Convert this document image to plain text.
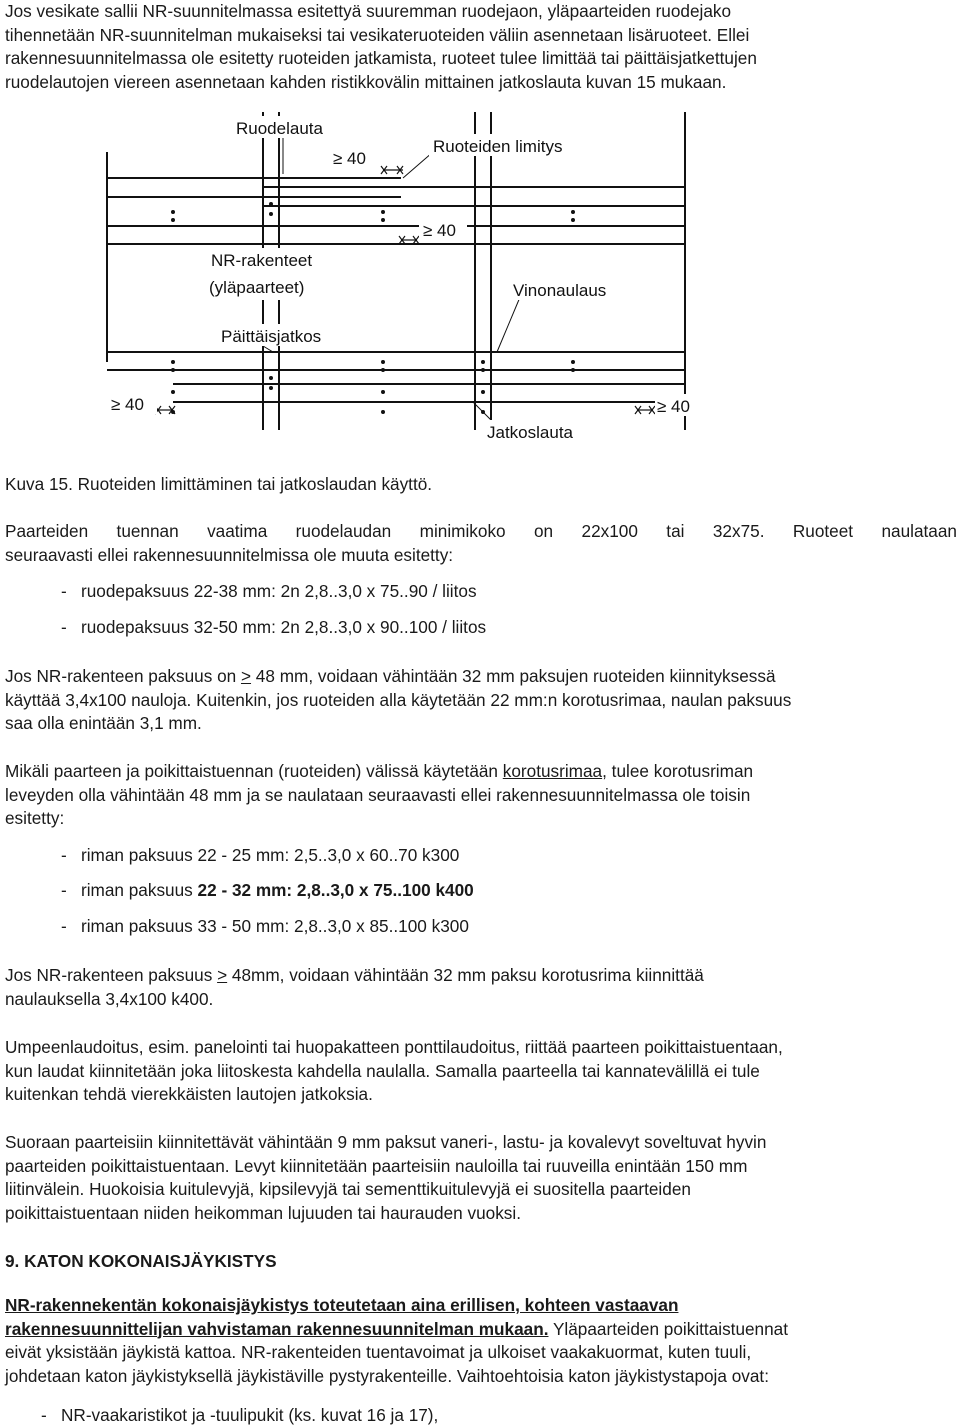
Jos vesikate sallii NR-suunnitelmassa esitettyä suuremman ruodejaon, yläpaarteiden ruodejako

tihennetään NR-suunnitelman mukaiseksi tai vesikateruoteiden väliin asennetaan lisäruoteet. Ellei

rakennesuunnitelmassa ole esitetty ruoteiden jatkamista, ruoteet tulee limittää tai päittäisjatkettujen

ruodelautojen viereen asennetaan kahden ristikkovälin mittainen jatkoslauta kuvan 15 mukaan.

Ruodelauta
≥ 40
Ruoteiden limitys
≥ 40
NR-rakenteet
(yläpaarteet)
Päittäisjatkos
Vinonaulaus
≥ 40	≥ 40
Jatkoslauta

Kuva 15. Ruoteiden limittäminen tai jatkoslaudan käyttö.

Paarteiden tuennan vaatima ruodelaudan minimikoko on 22x100 tai 32x75. Ruoteet naulataan

seuraavasti ellei rakennesuunnitelmissa ole muuta esitetty:

- ruodepaksuus 22-38 mm: 2n 2,8..3,0 x 75..90 / liitos
- ruodepaksuus 32-50 mm: 2n 2,8..3,0 x 90..100 / liitos

Jos NR-rakenteen paksuus on > 48 mm, voidaan vähintään 32 mm paksujen ruoteiden kiinnityksessä

käyttää 3,4x100 nauloja. Kuitenkin, jos ruoteiden alla käytetään 22 mm:n korotusrimaa, naulan paksuus

saa olla enintään 3,1 mm.

Mikäli paarteen ja poikittaistuennan (ruoteiden) välissä käytetään korotusrimaa, tulee korotusriman

leveyden olla vähintään 48 mm ja se naulataan seuraavasti ellei rakennesuunnitelmassa ole toisin

esitetty:

- riman paksuus 22 - 25 mm: 2,5..3,0 x 60..70 k300
- riman paksuus 22 - 32 mm: 2,8..3,0 x 75..100 k400
- riman paksuus 33 - 50 mm: 2,8..3,0 x 85..100 k300

Jos NR-rakenteen paksuus > 48mm, voidaan vähintään 32 mm paksu korotusrima kiinnittää

naulauksella 3,4x100 k400.

Umpeenlaudoitus, esim. panelointi tai huopakatteen ponttilaudoitus, riittää paarteen poikittaistuentaan,

kun laudat kiinnitetään joka liitoskesta kahdella naulalla. Samalla paarteella tai kannatevälillä ei tule

kuitenkan tehdä vierekkäisten lautojen jatkoksia.

Suoraan paarteisiin kiinnitettävät vähintään 9 mm paksut vaneri-, lastu- ja kovalevyt soveltuvat hyvin

paarteiden poikittaistuentaan. Levyt kiinnitetään paarteisiin nauloilla tai ruuveilla enintään 150 mm

liitinvälein. Huokoisia kuitulevyjä, kipsilevyjä tai sementtikuitulevyjä ei suositella paarteiden

poikittaistuentaan niiden heikomman lujuuden tai haurauden vuoksi.

9. KATON KOKONAISJÄYKISTYS

NR-rakennekentän kokonaisjäykistys toteutetaan aina erillisen, kohteen vastaavan

rakennesuunnittelijan vahvistaman rakennesuunnitelman mukaan. Yläpaarteiden poikittaistuennat

eivät yksistään jäykistä kattoa. NR-rakenteiden tuentavoimat ja ulkoiset vaakakuormat, kuten tuuli,

johdetaan katon jäykistyksellä jäykistäville pystyrakenteille. Vaihtoehtoisia katon jäykistystapoja ovat:

- NR-vaakaristikot ja -tuulipukit (ks. kuvat 16 ja 17),
